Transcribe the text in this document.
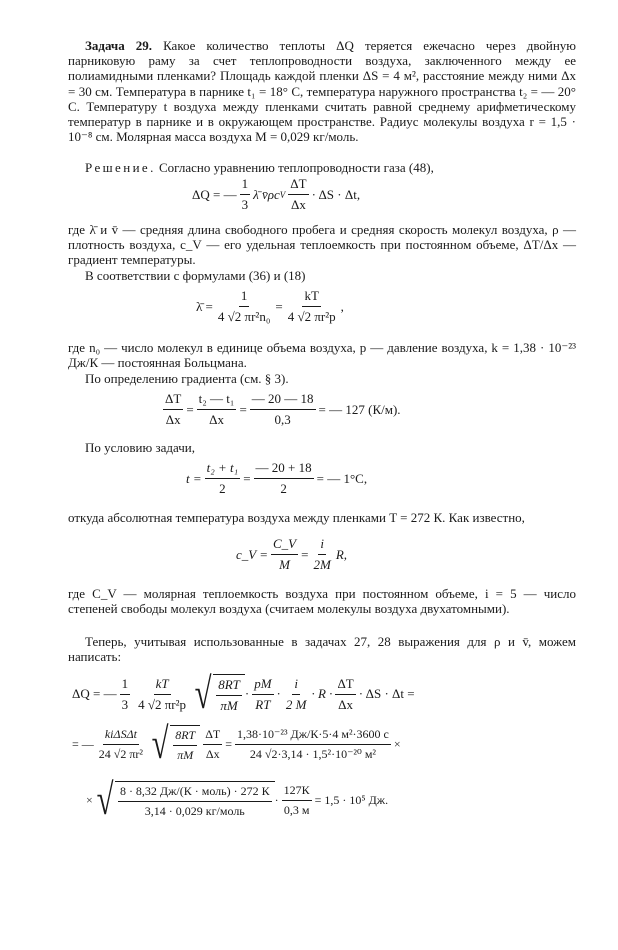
Задача 29. Какое количество теплоты ΔQ теряется ежечасно через двойную парниковую раму за счет теплопроводности воздуха, заключенного между ее полиамидными пленками? Площадь каждой пленки ΔS = 4 м², расстояние между ними Δx = 30 см. Температура в парнике t₁ = 18° C, температура наружного пространства t₂ = — 20° C. Температуру t воздуха между пленками считать равной среднему арифметическому температур в парнике и в окружающем пространстве. Радиус молекулы воздуха r = 1,5 · 10⁻⁸ см. Молярная масса воздуха M = 0,029 кг/моль.

Решение. Согласно уравнению теплопроводности газа (48),

ΔQ = — $\frac{1}{3}$ λ̄ v̄ρc V $\frac{\Delta T}{\Delta x} \cdot \Delta S \cdot \Delta t$,

где λ̄ и v̄ — средняя длина свободного пробега и средняя скорость молекул воздуха, ρ — плотность воздуха, c_V — его удельная теплоемкость при постоянном объеме, ΔT/Δx — градиент температуры.

В соответствии с формулами (36) и (18)

λ̄ = $\frac{1}{\text{4 √2 πr²n₀}} = \frac{kT}{\text{4 √2 πr²p}}$ ,

где n₀ — число молекул в единице объема воздуха, p — давление воздуха, k = 1,38 · 10⁻²³ Дж/К — постоянная Больцмана.

По определению градиента (см. § 3).

$\frac{\Delta T}{\Delta x} = \frac{\text{t₂ — t₁}}{\Delta x} = \frac{— 20 — 18}{0,3}$ = — 127 (К/м).

По условию задачи,

$t = \frac{\text{t₂ + t₁}}{2} = \frac{— 20 + 18}{2}$ = — 1°C,

откуда абсолютная температура воздуха между пленками T = 272 К. Как известно,

c_V = $\frac{C\_V}{M} = \frac{i}{2M} R$,

где C_V — молярная теплоемкость воздуха при постоянном объеме, i = 5 — число степеней свободы молекул воздуха (считаем молекулы воздуха двухатомными).

Теперь, учитывая использованные в задачах 27, 28 выражения для ρ и v̄, можем написать:

ΔQ = — $\frac{1}{3} \frac{kT}{\text{4 √2 πr²p}}$ √ $\frac{8RT}{\pi M} \cdot \frac{pM}{RT} \cdot \frac{i}{2 M} \cdot R \cdot \frac{\Delta T}{\Delta x} \cdot \Delta S \cdot \Delta t$ =
= — $\frac{\text{kiΔSΔt}}{\text{24 √2 πr²}}$ √ $\frac{8RT}{\pi M} \frac{\Delta T}{\Delta x} = \frac{\text{1,38·10⁻²³ Дж/К·5·4 м²·3600 с}}{\text{24 √2·3,14 · 1,5²·10⁻²⁰ м²}}$ ×
× √ $\frac{\text{8 · 8,32 Дж/(К · моль) · 272 К}}{\text{3,14 · 0,029 кг/моль}} \cdot \frac{127К}{0,3 м} = 1,5 \cdot 10^5$ Дж.
